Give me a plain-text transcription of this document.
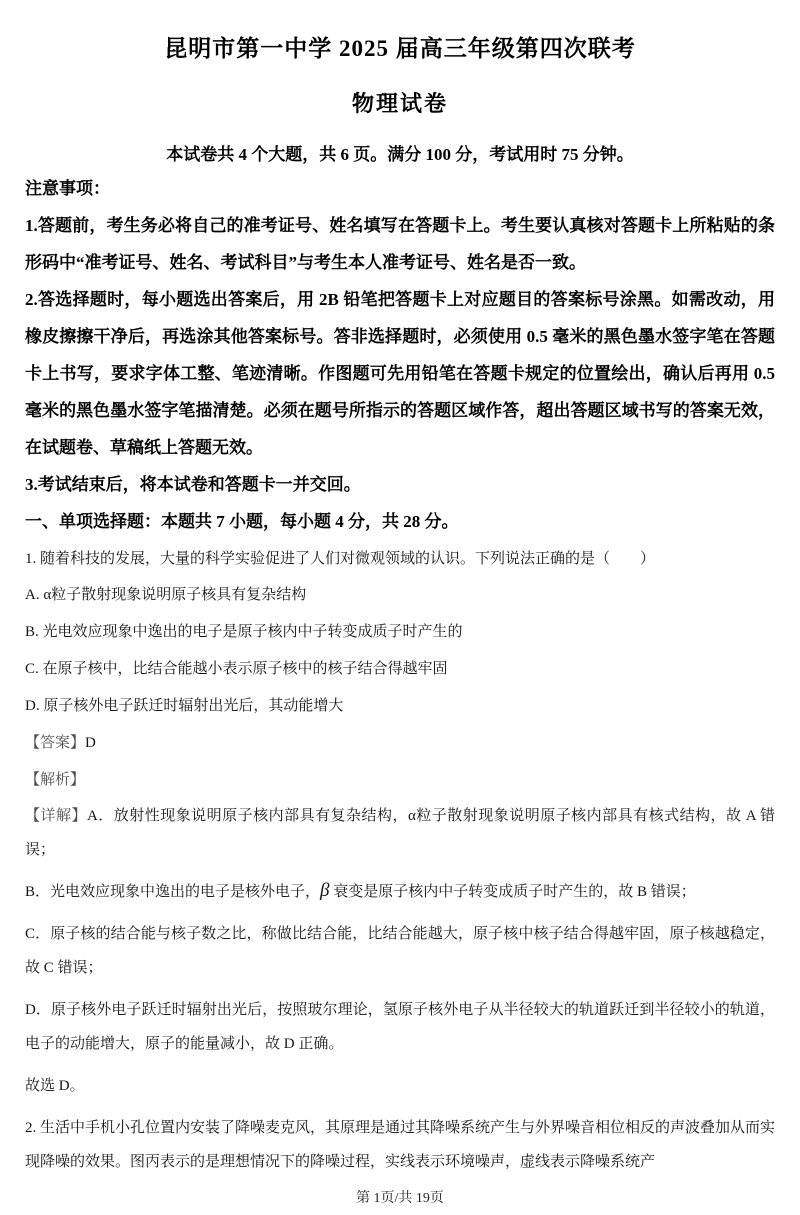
昆明市第一中学 2025 届高三年级第四次联考
物理试卷

本试卷共 4 个大题，共 6 页。满分 100 分，考试用时 75 分钟。

注意事项：

1.答题前，考生务必将自己的准考证号、姓名填写在答题卡上。考生要认真核对答题卡上所粘贴的条形码中“准考证号、姓名、考试科目”与考生本人准考证号、姓名是否一致。

2.答选择题时，每小题选出答案后，用 2B 铅笔把答题卡上对应题目的答案标号涂黑。如需改动，用橡皮擦擦干净后，再选涂其他答案标号。答非选择题时，必须使用 0.5 毫米的黑色墨水签字笔在答题卡上书写，要求字体工整、笔迹清晰。作图题可先用铅笔在答题卡规定的位置绘出，确认后再用 0.5 毫米的黑色墨水签字笔描清楚。必须在题号所指示的答题区域作答，超出答题区域书写的答案无效，在试题卷、草稿纸上答题无效。

3.考试结束后，将本试卷和答题卡一并交回。

一、单项选择题：本题共 7 小题，每小题 4 分，共 28 分。

1. 随着科技的发展，大量的科学实验促进了人们对微观领域的认识。下列说法正确的是（　　）

A. α粒子散射现象说明原子核具有复杂结构

B. 光电效应现象中逸出的电子是原子核内中子转变成质子时产生的

C. 在原子核中，比结合能越小表示原子核中的核子结合得越牢固

D. 原子核外电子跃迁时辐射出光后，其动能增大

【答案】D

【解析】

【详解】A．放射性现象说明原子核内部具有复杂结构，α粒子散射现象说明原子核内部具有核式结构，故 A 错误；

B．光电效应现象中逸出的电子是核外电子，β 衰变是原子核内中子转变成质子时产生的，故 B 错误；

C．原子核的结合能与核子数之比，称做比结合能，比结合能越大，原子核中核子结合得越牢固，原子核越稳定，故 C 错误；

D．原子核外电子跃迁时辐射出光后，按照玻尔理论，氢原子核外电子从半径较大的轨道跃迁到半径较小的轨道，电子的动能增大，原子的能量减小，故 D 正确。

故选 D。

2. 生活中手机小孔位置内安装了降噪麦克风，其原理是通过其降噪系统产生与外界噪音相位相反的声波叠加从而实现降噪的效果。图丙表示的是理想情况下的降噪过程，实线表示环境噪声，虚线表示降噪系统产

第 1页/共 19页
